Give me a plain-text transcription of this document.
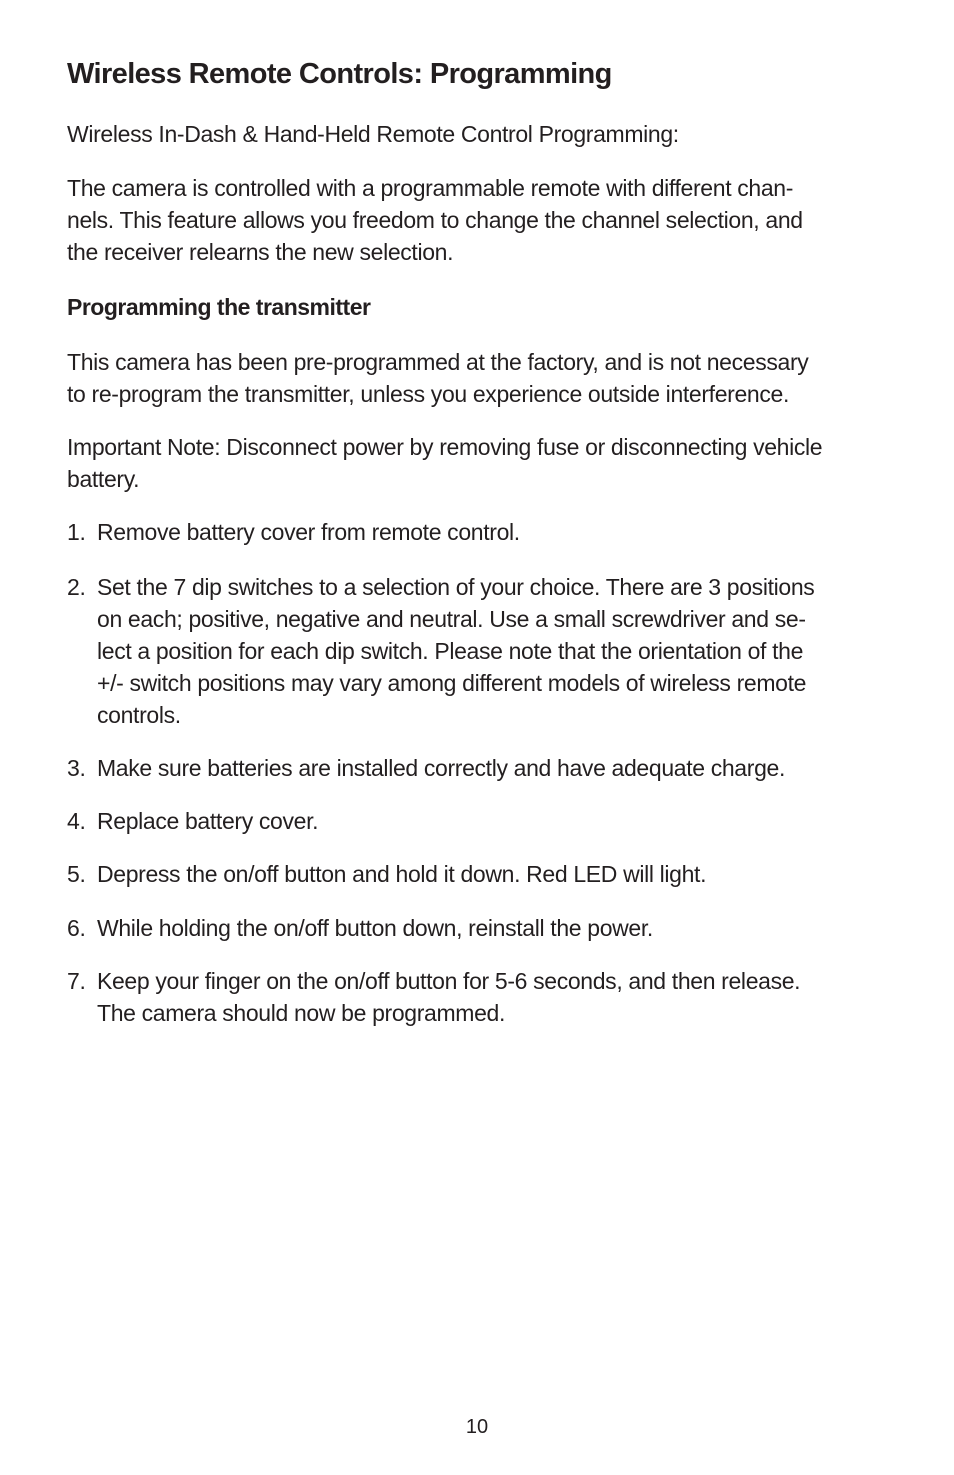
Wireless Remote Controls: Programming

Wireless In-Dash & Hand-Held Remote Control Programming:

The camera is controlled with a programmable remote with different chan-
nels. This feature allows you freedom to change the channel selection, and
the receiver relearns the new selection.

Programming the transmitter

This camera has been pre-programmed at the factory, and is not necessary
to re-program the transmitter, unless you experience outside interference.

Important Note: Disconnect power by removing fuse or disconnecting vehicle
battery.

1. Remove battery cover from remote control.
2. Set the 7 dip switches to a selection of your choice. There are 3 positions
on each; positive, negative and neutral. Use a small screwdriver and se-
lect a position for each dip switch. Please note that the orientation of the
+/- switch positions may vary among different models of wireless remote
controls.
3. Make sure batteries are installed correctly and have adequate charge.
4. Replace battery cover.
5. Depress the on/off button and hold it down. Red LED will light.
6. While holding the on/off button down, reinstall the power.
7. Keep your finger on the on/off button for 5-6 seconds, and then release.
The camera should now be programmed.
10
